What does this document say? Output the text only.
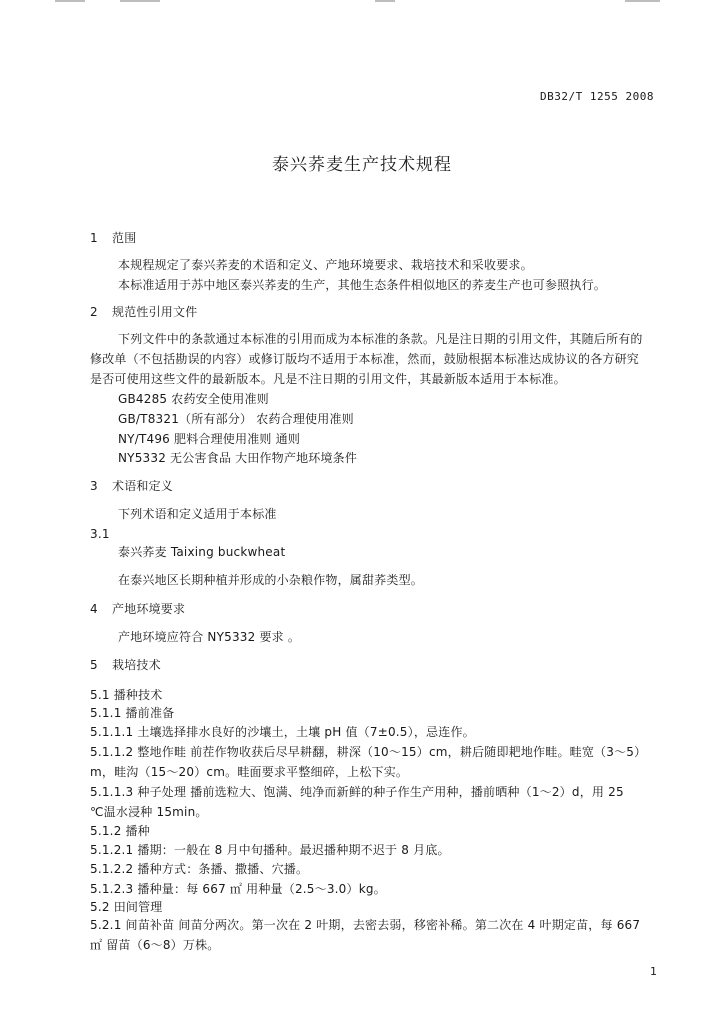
DB32/T 1255 2008
泰兴荞麦生产技术规程
1 范围
2 规范性引用文件
3 术语和定义
4 产地环境要求
5 栽培技术
本规程规定了泰兴荞麦的术语和定义、产地环境要求、栽培技术和采收要求。
本标准适用于苏中地区泰兴荞麦的生产，其他生态条件相似地区的荞麦生产也可参照执行。
下列文件中的条款通过本标准的引用而成为本标准的条款。凡是注日期的引用文件，其随后所有的
修改单（不包括勘误的内容）或修订版均不适用于本标准，然而，鼓励根据本标准达成协议的各方研究
是否可使用这些文件的最新版本。凡是不注日期的引用文件，其最新版本适用于本标准。
GB4285 农药安全使用准则
GB/T8321（所有部分） 农药合理使用准则
NY/T496 肥料合理使用准则 通则
NY5332 无公害食品 大田作物产地环境条件
下列术语和定义适用于本标准
3.1
泰兴荞麦 Taixing buckwheat
在泰兴地区长期种植并形成的小杂粮作物，属甜荞类型。
产地环境应符合 NY5332 要求 。
5.1 播种技术
5.1.1 播前准备
5.1.1.1 土壤选择排水良好的沙壤土，土壤 pH 值（7±0.5），忌连作。
5.1.1.2 整地作畦 前茬作物收获后尽早耕翻，耕深（10～15）cm，耕后随即耙地作畦。畦宽（3～5）
m，畦沟（15～20）cm。畦面要求平整细碎，上松下实。
5.1.1.3 种子处理 播前选粒大、饱满、纯净而新鲜的种子作生产用种，播前晒种（1～2）d，用 25
℃温水浸种 15min。
5.1.2 播种
5.1.2.1 播期：一般在 8 月中旬播种。最迟播种期不迟于 8 月底。
5.1.2.2 播种方式：条播、撒播、穴播。
5.1.2.3 播种量：每 667 ㎡ 用种量（2.5～3.0）kg。
5.2 田间管理
5.2.1 间苗补苗 间苗分两次。第一次在 2 叶期，去密去弱，移密补稀。第二次在 4 叶期定苗，每 667
㎡ 留苗（6～8）万株。
1
